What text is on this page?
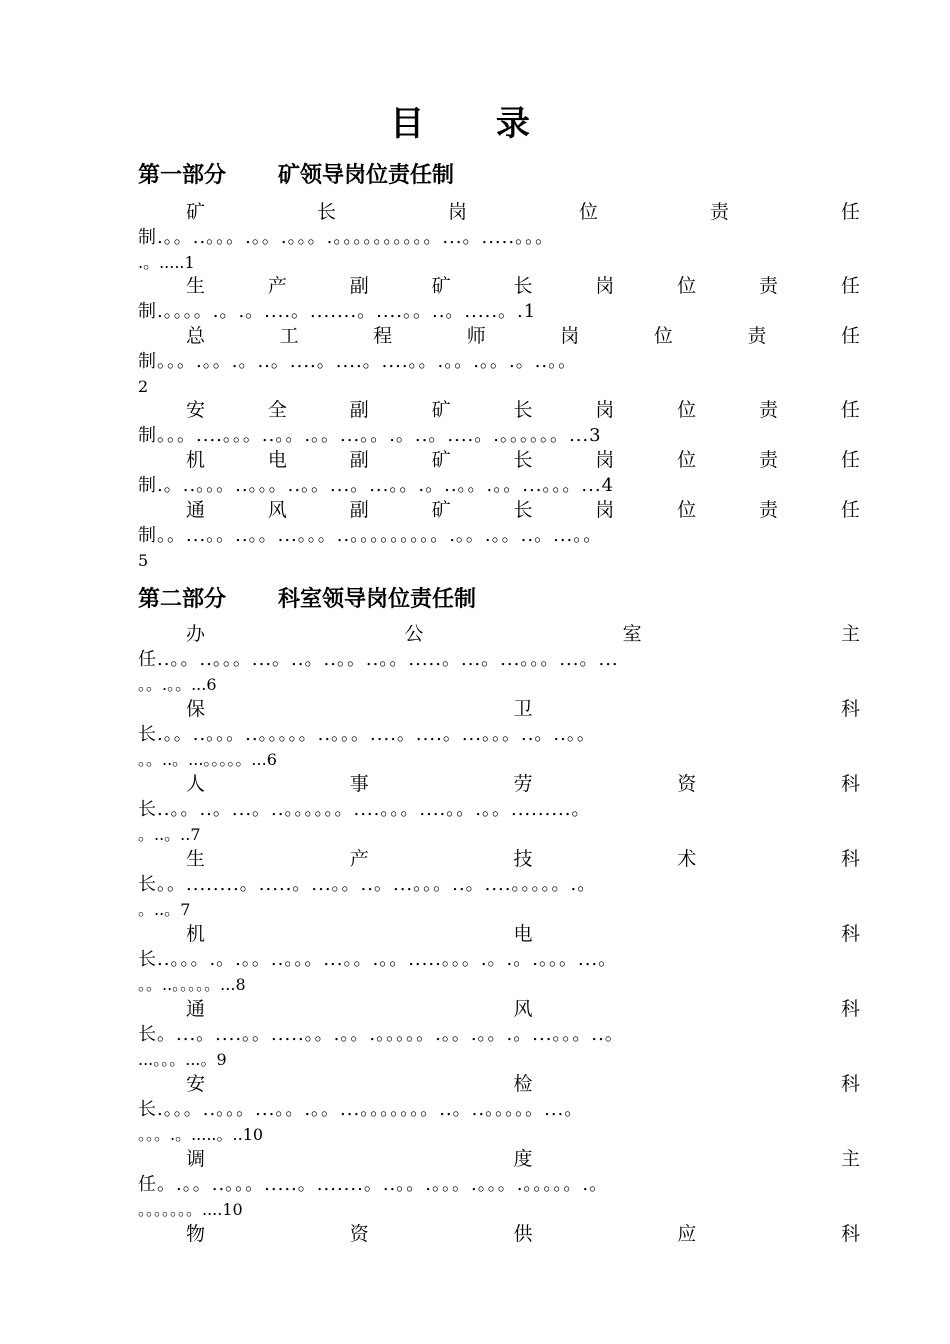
目 录
第一部分 矿领导岗位责任制
矿	长	岗	位	责	任
制.。。..。。。.。。.。。。.。。。。。。。。。。...。.....。。。
.。.....1
生	产	副	矿	长	岗	位	责	任
制.。。。。.。.。....。.......。....。。..。.....。.1
总	工	程	师	岗	位	责	任
制。。。.。。.。..。....。....。....。。.。。.。。.。..。。
2
安	全	副	矿	长	岗	位	责	任
制。。。....。。。..。。.。。...。。.。..。....。.。。。。。。...3
机	电	副	矿	长	岗	位	责	任
制.。..。。。..。。。..。。...。...。。.。..。。.。。...。。。...4
通	风	副	矿	长	岗	位	责	任
制。。...。。..。。...。。。..。。。。。。。。。.。。.。。..。...。。
5
第二部分 科室领导岗位责任制
办	公	室	主
任..。。..。。。...。..。..。。..。。.....。...。...。。。...。...
。。.。。...6
保	卫	科
长.。。..。。。..。。。。。..。。。....。....。...。。。..。..。。
。。..。...。。。。。...6
人	事	劳	资	科
长..。。..。...。..。。。。。。....。。。....。。.。。.........。
。..。..7
生	产	技	术	科
长。。........。.....。...。。..。...。。。..。....。。。。。.。
。..。7
机	电	科
长..。。。.。.。。..。。。...。。.。。.....。。。.。.。.。。。...。
。。..。。。。。...8
通	风	科
长。...。....。。.....。。.。。.。。。。。.。。.。。.。...。。。..。
...。。。...。9
安	检	科
长.。。。..。。。...。。.。。...。。。。。。。..。..。。。。。...。
。。。.。.....。..10
调	度	主
任。.。。..。。。.....。.......。..。。.。。。.。。。.。。。。。.。
。。。。。。。....10
物	资	供	应	科
